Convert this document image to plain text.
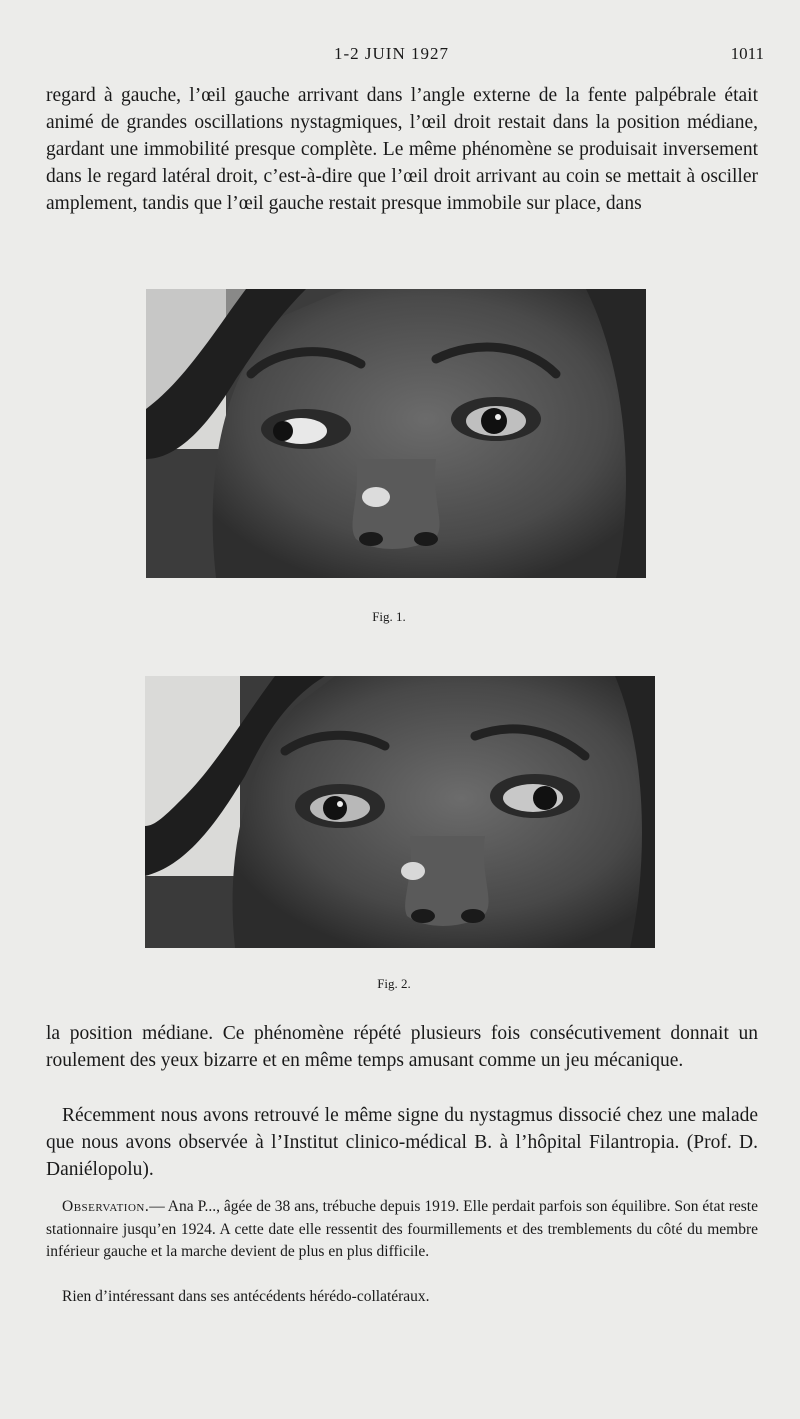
1-2 JUIN 1927	1011

regard à gauche, l’œil gauche arrivant dans l’angle externe de la fente palpébrale était animé de grandes oscillations nystagmiques, l’œil droit restait dans la position médiane, gardant une immobilité presque complète. Le même phénomène se produisait inversement dans le regard latéral droit, c’est-à-dire que l’œil droit arrivant au coin se mettait à osciller amplement, tandis que l’œil gauche restait presque immobile sur place, dans

Fig. 1.
Fig. 2.

la position médiane. Ce phénomène répété plusieurs fois consécutivement donnait un roulement des yeux bizarre et en même temps amusant comme un jeu mécanique.

Récemment nous avons retrouvé le même signe du nystagmus dissocié chez une malade que nous avons observée à l’Institut clinico-médical B. à l’hôpital Filantropia. (Prof. D. Daniélopolu).

Observation.— Ana P..., âgée de 38 ans, trébuche depuis 1919. Elle perdait parfois son équilibre. Son état reste stationnaire jusqu’en 1924. A cette date elle ressentit des fourmillements et des tremblements du côté du membre inférieur gauche et la marche devient de plus en plus difficile.

Rien d’intéressant dans ses antécédents hérédo-collatéraux.
